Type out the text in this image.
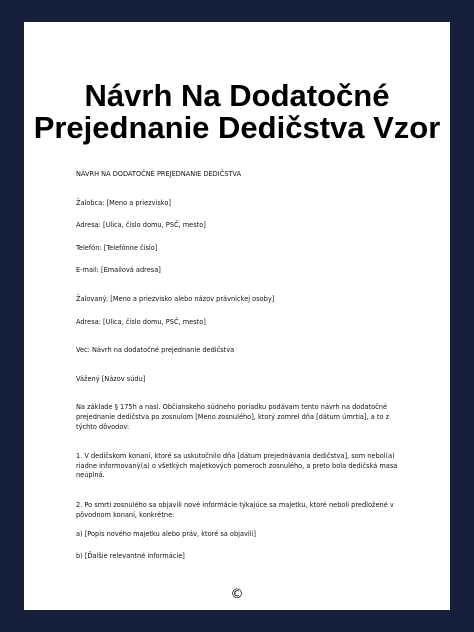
Návrh Na Dodatočné
Prejednanie Dedičstva Vzor

NÁVRH NA DODATOČNÉ PREJEDNANIE DEDIČSTVA

Žalobca: [Meno a priezvisko]

Adresa: [Ulica, číslo domu, PSČ, mesto]

Telefón: [Telefónne číslo]

E-mail: [Emailová adresa]

Žalovaný: [Meno a priezvisko alebo názov právnickej osoby]

Adresa: [Ulica, číslo domu, PSČ, mesto]

Vec: Návrh na dodatočné prejednanie dedičstva

Vážený [Názov súdu]

Na základe § 175h a nasl. Občianskeho súdneho poriadku podávam tento návrh na dodatočné prejednanie dedičstva po zosnulom [Meno zosnulého], ktorý zomrel dňa [dátum úmrtia], a to z týchto dôvodov:

1. V dedičskom konaní, ktoré sa uskutočnilo dňa [dátum prejednávania dedičstva], som nebol(a) riadne informovaný(a) o všetkých majetkových pomeroch zosnulého, a preto bola dedičská masa neúplná.

2. Po smrti zosnulého sa objavili nové informácie týkajúce sa majetku, ktoré neboli predložené v pôvodnom konaní, konkrétne:

a) [Popis nového majetku alebo práv, ktoré sa objavili]

b) [Ďalšie relevantné informácie]

©
